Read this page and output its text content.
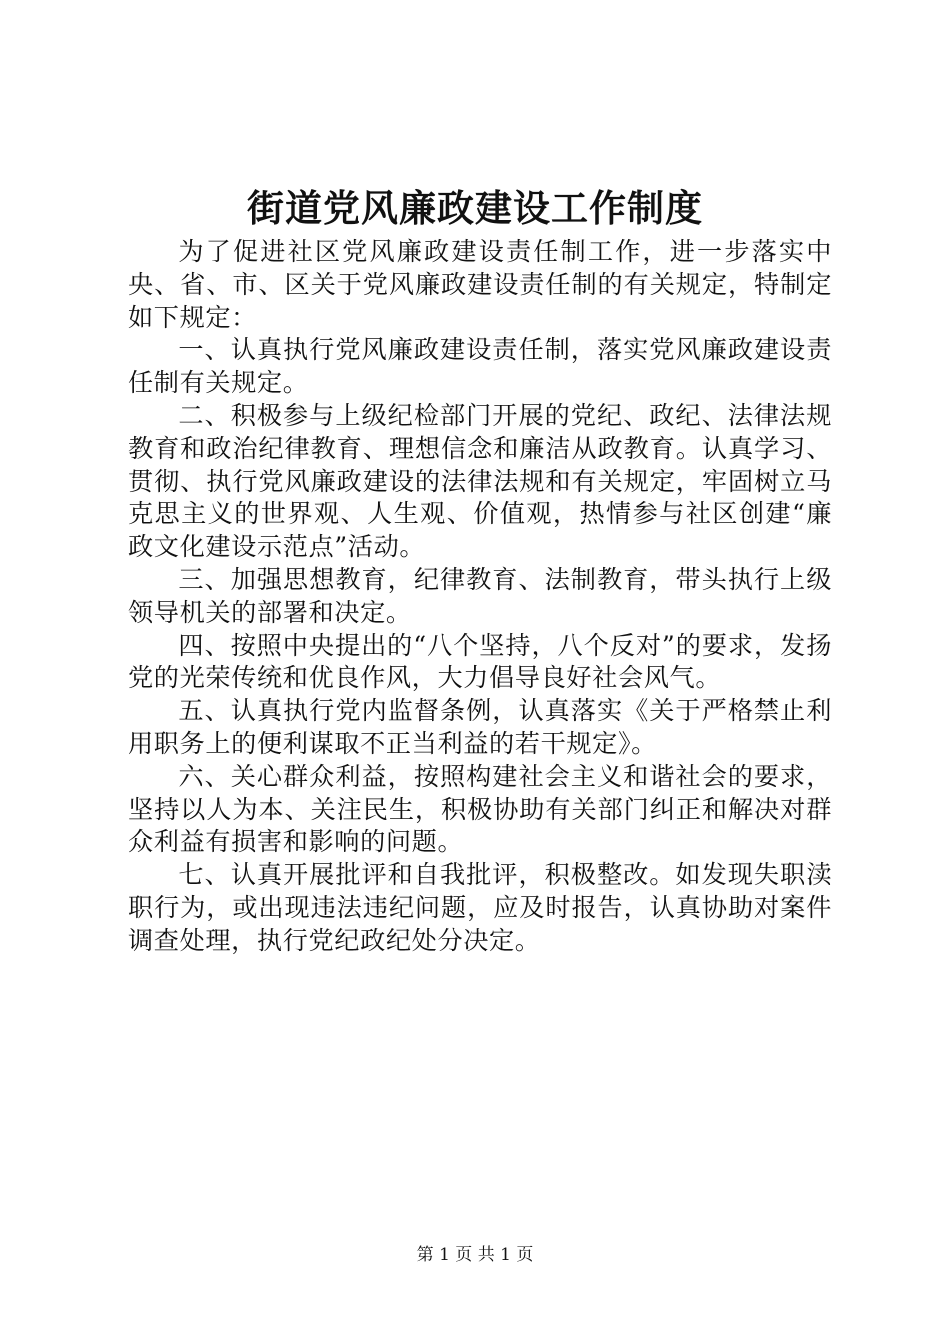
街道党风廉政建设工作制度

为了促进社区党风廉政建设责任制工作，进一步落实中央、省、市、区关于党风廉政建设责任制的有关规定，特制定如下规定：

一、认真执行党风廉政建设责任制，落实党风廉政建设责任制有关规定。

二、积极参与上级纪检部门开展的党纪、政纪、法律法规教育和政治纪律教育、理想信念和廉洁从政教育。认真学习、贯彻、执行党风廉政建设的法律法规和有关规定，牢固树立马克思主义的世界观、人生观、价值观，热情参与社区创建“廉政文化建设示范点”活动。

三、加强思想教育，纪律教育、法制教育，带头执行上级领导机关的部署和决定。

四、按照中央提出的“八个坚持，八个反对”的要求，发扬党的光荣传统和优良作风，大力倡导良好社会风气。

五、认真执行党内监督条例，认真落实《关于严格禁止利用职务上的便利谋取不正当利益的若干规定》。

六、关心群众利益，按照构建社会主义和谐社会的要求，坚持以人为本、关注民生，积极协助有关部门纠正和解决对群众利益有损害和影响的问题。

七、认真开展批评和自我批评，积极整改。如发现失职渎职行为，或出现违法违纪问题，应及时报告，认真协助对案件调查处理，执行党纪政纪处分决定。

第 1 页 共 1 页
